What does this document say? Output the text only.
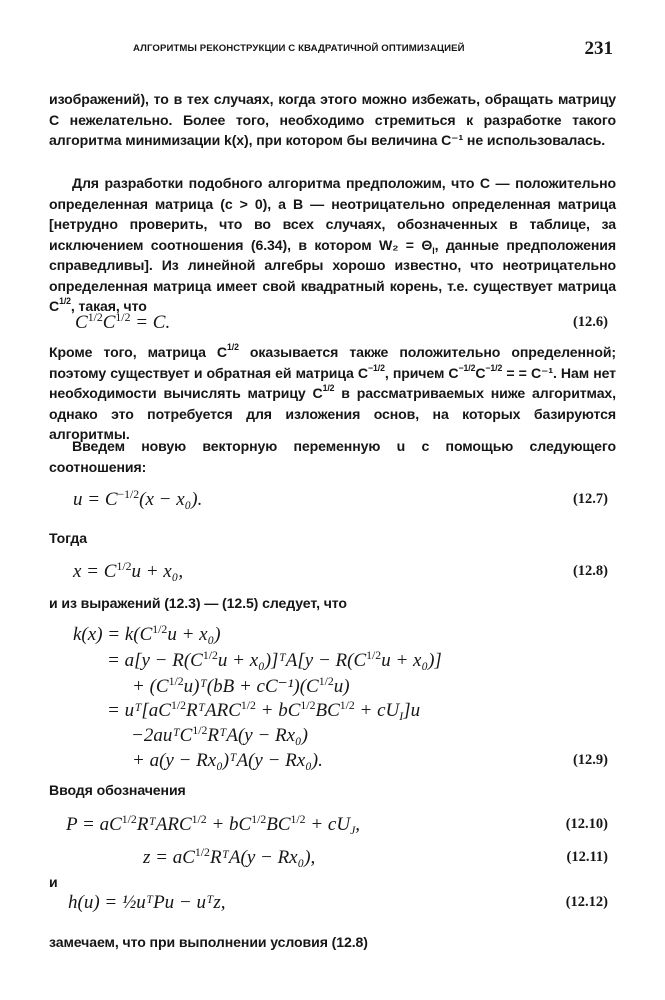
АЛГОРИТМЫ РЕКОНСТРУКЦИИ С КВАДРАТИЧНОЙ ОПТИМИЗАЦИЕЙ	231

изображений), то в тех случаях, когда этого можно избежать, обращать матрицу C нежелательно. Более того, необходимо стремиться к разработке такого алгоритма минимизации k(x), при котором бы величина C⁻¹ не использовалась.

Для разработки подобного алгоритма предположим, что C — положительно определенная матрица (c > 0), а B — неотрицательно определенная матрица [нетрудно проверить, что во всех случаях, обозначенных в таблице, за исключением соотношения (6.34), в котором $W_2 = \Theta_I$, данные предположения справедливы]. Из линейной алгебры хорошо известно, что неотрицательно определенная матрица имеет свой квадратный корень, т.е. существует матрица $C^{1/2}$, такая, что

$C^{1/2}C^{1/2} = C$.	(12.6)

Кроме того, матрица $C^{1/2}$ оказывается также положительно определенной; поэтому существует и обратная ей матрица $C^{-1/2}$, причем $C^{-1/2}C^{-1/2}$ = = C⁻¹. Нам нет необходимости вычислять матрицу $C^{1/2}$ в рассматриваемых ниже алгоритмах, однако это потребуется для изложения основ, на которых базируются алгоритмы.

Введем новую векторную переменную u с помощью следующего соотношения:

$u = C^{-1/2}(x - x_0)$.	(12.7)

Тогда

$x = C^{1/2}u + x_0$,	(12.8)

и из выражений (12.3) — (12.5) следует, что

$k(x) = k(C^{1/2}u + x_0)$
= $a[y - R(C^{1/2}u$ + x₀)]ᵀA[y − $R(C^{1/2}u + x_0)$]
+ $(C^{1/2}u)ᵀ(bB + cC^{-1})(C^{1/2}u)$
= $uᵀ[aC^{1/2}RᵀARC^{1/2} + bC^{1/2}BC^{1/2} + cU_I]u$
−2auᵀC$^{1/2}$RᵀA(y − Rx₀)
+ a(y − Rx₀)ᵀA(y − Rx₀).	(12.9)

Вводя обозначения

$P = aC^{1/2}RᵀARC^{1/2} + bC^{1/2}BC^{1/2} + cU_J$,	(12.10)
$z = aC^{1/2}RᵀA(y - Rx_0)$,	(12.11)

и

h(u) = ½uᵀPu − uᵀz,	(12.12)

замечаем, что при выполнении условия (12.8)
